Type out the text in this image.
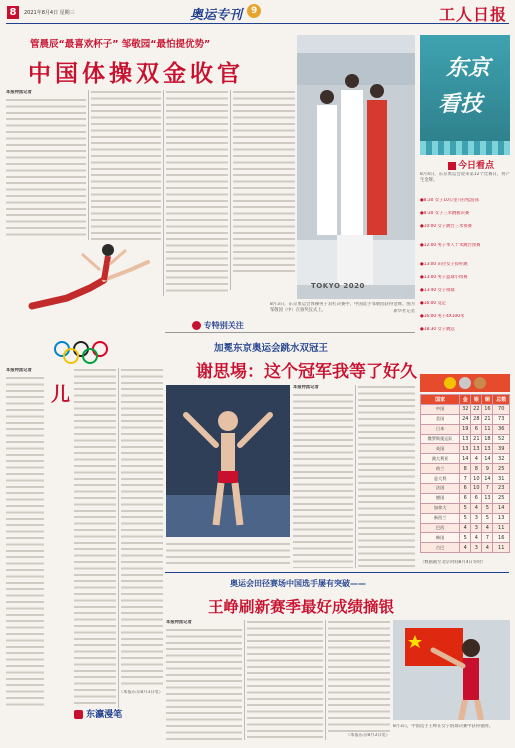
8	2021年8月4日 星期三	奥运专刊 9	工人日报
管晨辰“最喜欢杯子” 邹敬园“最怕提优势”
中国体操双金收官
本报特派记者
TOKYO 2020
东京
看技
今日看点
8月4日，东京奥运会迎来第12个比赛日，将产生金牌。
●8:30 女子10公里马拉松游泳
●8:30 女子三米跳板决赛
●10:00 女子跳台三米预赛
●12:00 男子单人十米跳台预赛
●13:00 田径女子撑杆跳
●13:00 男子篮球小组赛
●13:40 女子排球
●16:00 竞走
●16:00 男子4X100米
●18:30 女子跳远
8月3日，东京奥运会体操男子双杠决赛中，中国选手邹敬园获得金牌。图为邹敬园（中）在颁奖仪式上。	新华社记者
专特别关注
加冕东京奥运会跳水双冠王
谢思埸：这个冠军我等了好久
本报特派记者
本报特派记者
儿
（本报东京8月3日电）
东瀛漫笔
国家	金	银	铜	总数
中国	32	22	16	70
美国	24	28	21	73
日本	19	6	11	36
俄罗斯奥运队	13	21	18	52
英国	13	13	13	39
澳大利亚	14	4	14	32
荷兰	8	8	9	25
意大利	7	10	14	31
法国	6	10	7	23
德国	6	6	13	25
加拿大	5	4	5	14
新西兰	5	3	5	13
巴西	4	3	4	11
韩国	5	4	7	16
古巴	4	3	4	11
（数据截至北京时间8月4日零时）
奥运会田径赛场中国选手屡有突破——
王峥刷新赛季最好成绩摘银
本报特派记者
（本报东京8月3日电）
8月3日，中国选手王峥在女子链球决赛中获得银牌。
